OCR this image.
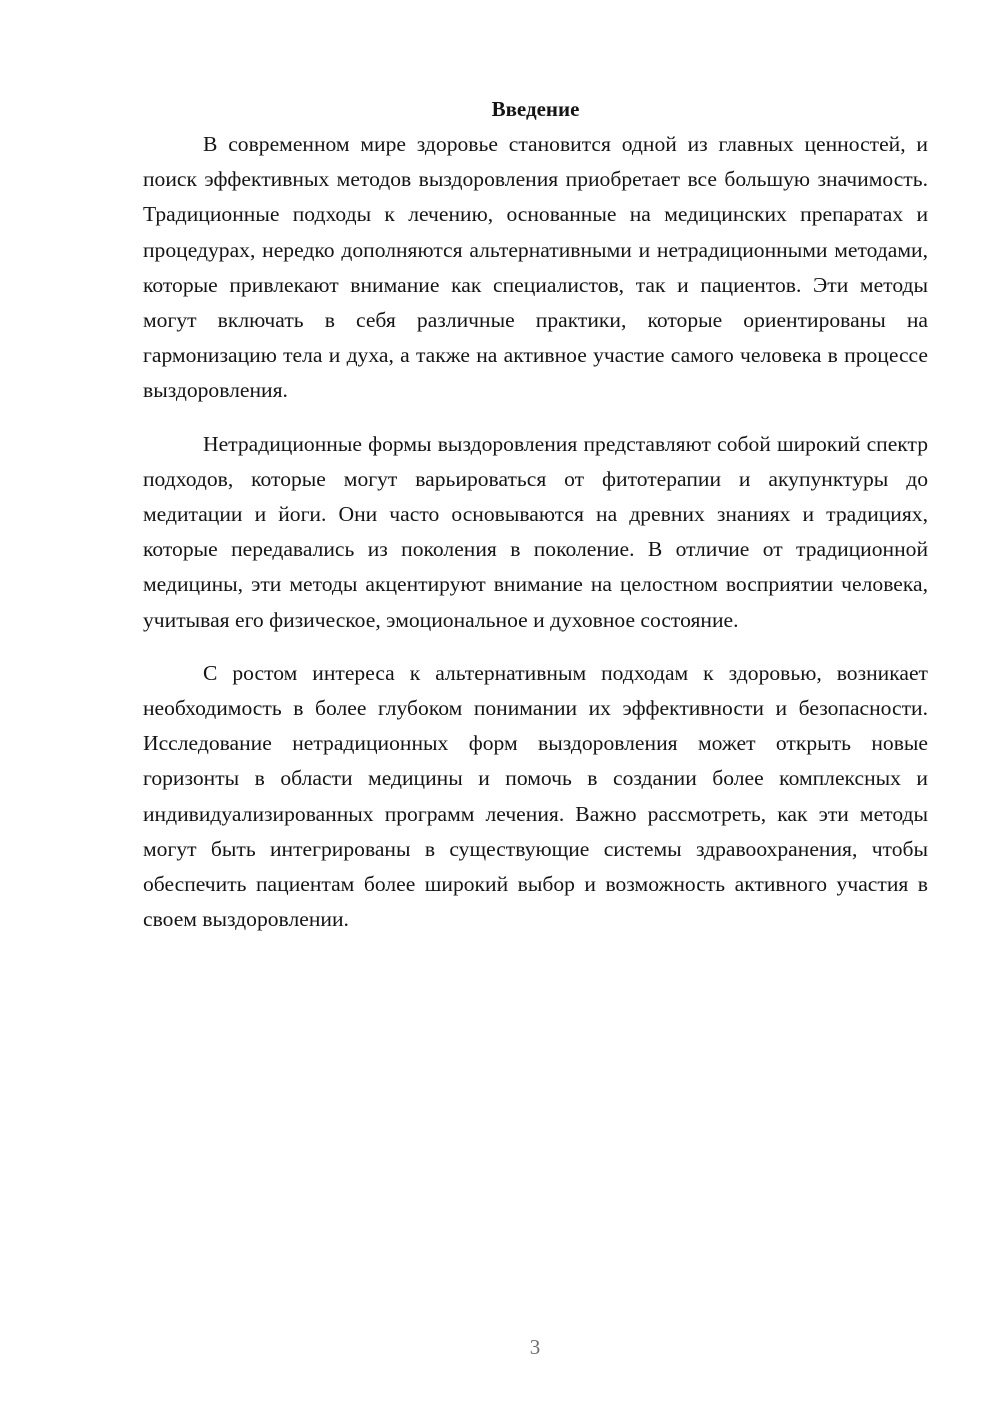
Введение

В современном мире здоровье становится одной из главных ценностей, и поиск эффективных методов выздоровления приобретает все большую значимость. Традиционные подходы к лечению, основанные на медицинских препаратах и процедурах, нередко дополняются альтернативными и нетрадиционными методами, которые привлекают внимание как специалистов, так и пациентов. Эти методы могут включать в себя различные практики, которые ориентированы на гармонизацию тела и духа, а также на активное участие самого человека в процессе выздоровления.

Нетрадиционные формы выздоровления представляют собой широкий спектр подходов, которые могут варьироваться от фитотерапии и акупунктуры до медитации и йоги. Они часто основываются на древних знаниях и традициях, которые передавались из поколения в поколение. В отличие от традиционной медицины, эти методы акцентируют внимание на целостном восприятии человека, учитывая его физическое, эмоциональное и духовное состояние.

С ростом интереса к альтернативным подходам к здоровью, возникает необходимость в более глубоком понимании их эффективности и безопасности. Исследование нетрадиционных форм выздоровления может открыть новые горизонты в области медицины и помочь в создании более комплексных и индивидуализированных программ лечения. Важно рассмотреть, как эти методы могут быть интегрированы в существующие системы здравоохранения, чтобы обеспечить пациентам более широкий выбор и возможность активного участия в своем выздоровлении.

3
